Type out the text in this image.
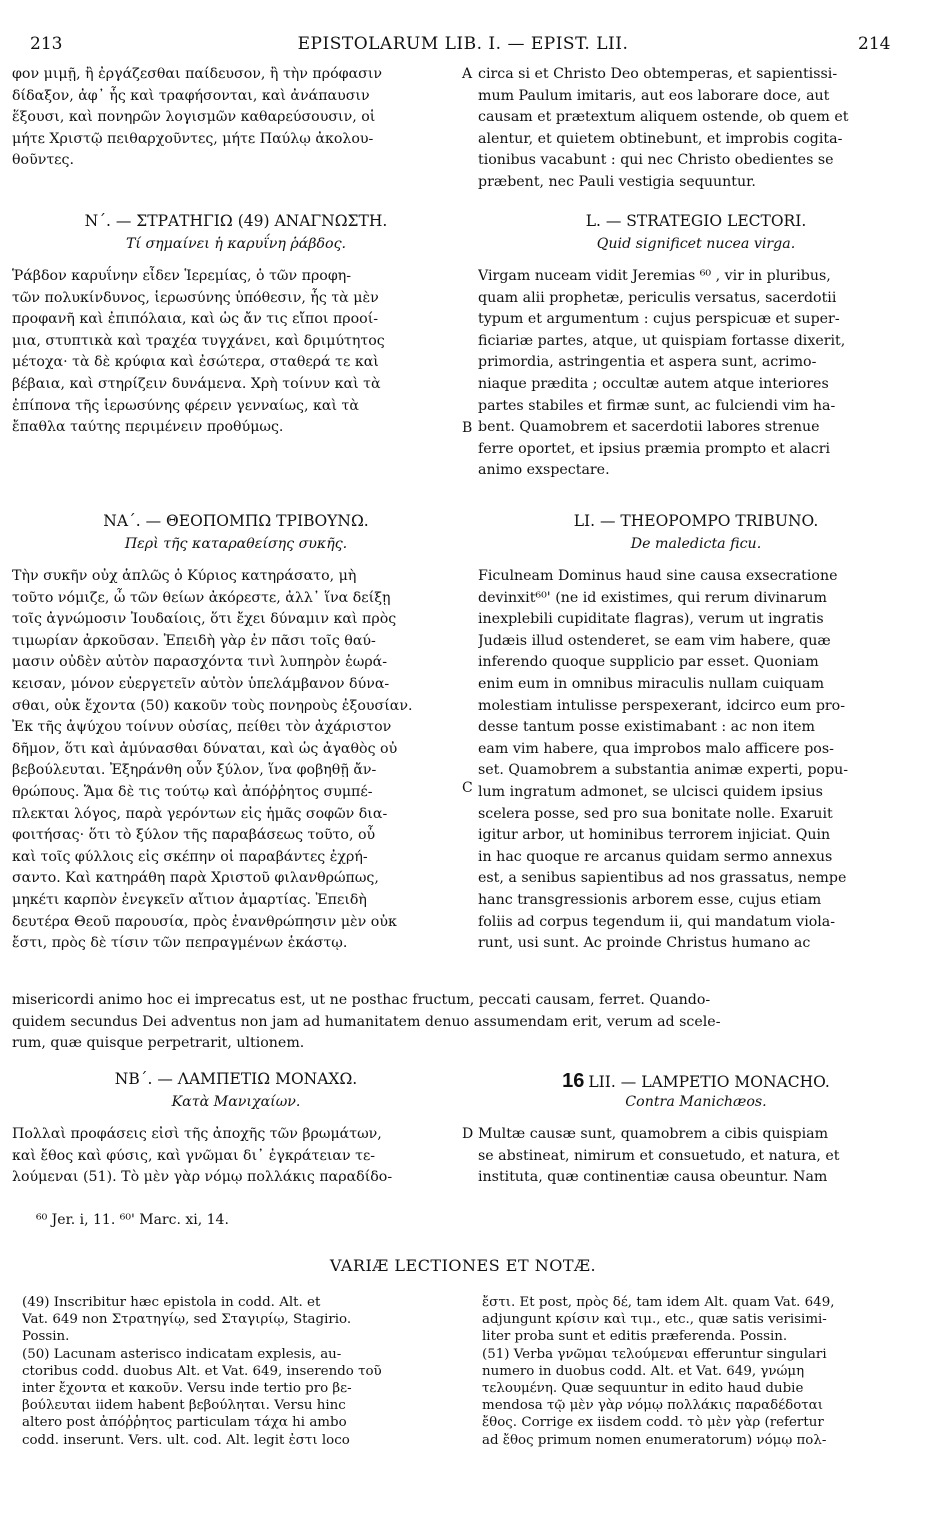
213	EPISTOLARUM LIB. I. — EPIST. LII.	214
A
B
C
D
φον μιμῇ, ἢ ἐργάζεσθαι παίδευσον, ἢ τὴν πρόφασιν
δίδαξον, ἀφ᾽ ἧς καὶ τραφήσονται, καὶ ἀνάπαυσιν
ἕξουσι, καὶ πονηρῶν λογισμῶν καθαρεύσουσιν, οἱ
μήτε Χριστῷ πειθαρχοῦντες, μήτε Παύλῳ ἀκολου-
θοῦντες.
circa si et Christo Deo obtemperas, et sapientissi-
mum Paulum imitaris, aut eos laborare doce, aut
causam et prætextum aliquem ostende, ob quem et
alentur, et quietem obtinebunt, et improbis cogita-
tionibus vacabunt : qui nec Christo obedientes se
præbent, nec Pauli vestigia sequuntur.
Ν΄. — ΣΤΡΑΤΗΓΙΩ (49) ΑΝΑΓΝΩΣΤΗ.
Τί σημαίνει ἡ καρυΐνη ῥάβδος.
L. — STRATEGIO LECTORI.
Quid significet nucea virga.
Ῥάβδον καρυΐνην εἶδεν Ἱερεμίας, ὁ τῶν προφη-
τῶν πολυκίνδυνος, ἱερωσύνης ὑπόθεσιν, ἧς τὰ μὲν
προφανῆ καὶ ἐπιπόλαια, καὶ ὡς ἄν τις εἴποι προοί-
μια, στυπτικὰ καὶ τραχέα τυγχάνει, καὶ δριμύτητος
μέτοχα· τὰ δὲ κρύφια καὶ ἐσώτερα, σταθερά τε καὶ
βέβαια, καὶ στηρίζειν δυνάμενα. Χρὴ τοίνυν καὶ τὰ
ἐπίπονα τῆς ἱερωσύνης φέρειν γενναίως, καὶ τὰ
ἔπαθλα ταύτης περιμένειν προθύμως.
Virgam nuceam vidit Jeremias ⁶⁰ , vir in pluribus,
quam alii prophetæ, periculis versatus, sacerdotii
typum et argumentum : cujus perspicuæ et super-
ficiariæ partes, atque, ut quispiam fortasse dixerit,
primordia, astringentia et aspera sunt, acrimo-
niaque prædita ; occultæ autem atque interiores
partes stabiles et firmæ sunt, ac fulciendi vim ha-
bent. Quamobrem et sacerdotii labores strenue
ferre oportet, et ipsius præmia prompto et alacri
animo exspectare.
ΝΑ΄. — ΘΕΟΠΟΜΠΩ ΤΡΙΒΟΥΝΩ.
Περὶ τῆς καταραθείσης συκῆς.
LI. — THEOPOMPO TRIBUNO.
De maledicta ficu.
Τὴν συκῆν οὐχ ἁπλῶς ὁ Κύριος κατηράσατο, μὴ
τοῦτο νόμιζε, ὦ τῶν θείων ἀκόρεστε, ἀλλ᾽ ἵνα δείξῃ
τοῖς ἀγνώμοσιν Ἰουδαίοις, ὅτι ἔχει δύναμιν καὶ πρὸς
τιμωρίαν ἀρκοῦσαν. Ἐπειδὴ γὰρ ἐν πᾶσι τοῖς θαύ-
μασιν οὐδὲν αὐτὸν παρασχόντα τινὶ λυπηρὸν ἑωρά-
κεισαν, μόνον εὐεργετεῖν αὐτὸν ὑπελάμβανον δύνα-
σθαι, οὐκ ἔχοντα (50) κακοῦν τοὺς πονηροὺς ἐξουσίαν.
Ἐκ τῆς ἀψύχου τοίνυν οὐσίας, πείθει τὸν ἀχάριστον
δῆμον, ὅτι καὶ ἀμύνασθαι δύναται, καὶ ὡς ἀγαθὸς οὐ
βεβούλευται. Ἐξηράνθη οὖν ξύλον, ἵνα φοβηθῇ ἄν-
θρώπους. Ἅμα δὲ τις τούτῳ καὶ ἀπόῤῥητος συμπέ-
πλεκται λόγος, παρὰ γερόντων εἰς ἡμᾶς σοφῶν δια-
φοιτήσας· ὅτι τὸ ξύλον τῆς παραβάσεως τοῦτο, οὗ
καὶ τοῖς φύλλοις εἰς σκέπην οἱ παραβάντες ἐχρή-
σαντο. Καὶ κατηράθη παρὰ Χριστοῦ φιλανθρώπως,
μηκέτι καρπὸν ἐνεγκεῖν αἴτιον ἁμαρτίας. Ἐπειδὴ
δευτέρα Θεοῦ παρουσία, πρὸς ἐνανθρώπησιν μὲν οὐκ
ἔστι, πρὸς δὲ τίσιν τῶν πεπραγμένων ἑκάστῳ.
Ficulneam Dominus haud sine causa exsecratione
devinxit⁶⁰' (ne id existimes, qui rerum divinarum
inexplebili cupiditate flagras), verum ut ingratis
Judæis illud ostenderet, se eam vim habere, quæ
inferendo quoque supplicio par esset. Quoniam
enim eum in omnibus miraculis nullam cuiquam
molestiam intulisse perspexerant, idcirco eum pro-
desse tantum posse existimabant : ac non item
eam vim habere, qua improbos malo afficere pos-
set. Quamobrem a substantia animæ experti, popu-
lum ingratum admonet, se ulcisci quidem ipsius
scelera posse, sed pro sua bonitate nolle. Exaruit
igitur arbor, ut hominibus terrorem injiciat. Quin
in hac quoque re arcanus quidam sermo annexus
est, a senibus sapientibus ad nos grassatus, nempe
hanc transgressionis arborem esse, cujus etiam
foliis ad corpus tegendum ii, qui mandatum viola-
runt, usi sunt. Ac proinde Christus humano ac
misericordi animo hoc ei imprecatus est, ut ne posthac fructum, peccati causam, ferret. Quando-
quidem secundus Dei adventus non jam ad humanitatem denuo assumendam erit, verum ad scele-
rum, quæ quisque perpetrarit, ultionem.
ΝΒ΄. — ΛΑΜΠΕΤΙΩ ΜΟΝΑΧΩ.
Κατὰ Μανιχαίων.
16 LII. — LAMPETIO MONACHO.
Contra Manichæos.
Πολλαὶ προφάσεις εἰσὶ τῆς ἀποχῆς τῶν βρωμάτων,
καὶ ἔθος καὶ φύσις, καὶ γνῶμαι δι᾽ ἐγκράτειαν τε-
λούμεναι (51). Τὸ μὲν γὰρ νόμῳ πολλάκις παραδίδο-
Multæ causæ sunt, quamobrem a cibis quispiam
se abstineat, nimirum et consuetudo, et natura, et
instituta, quæ continentiæ causa obeuntur. Nam
⁶⁰ Jer. i, 11. ⁶⁰' Marc. xi, 14.
VARIÆ LECTIONES ET NOTÆ.
(49) Inscribitur hæc epistola in codd. Alt. et
Vat. 649 non Στρατηγίῳ, sed Σταγιρίῳ, Stagirio.
Possin.
(50) Lacunam asterisco indicatam explesis, au-
ctoribus codd. duobus Alt. et Vat. 649, inserendo τοῦ
inter ἔχοντα et κακοῦν. Versu inde tertio pro βε-
βούλευται iidem habent βεβούληται. Versu hinc
altero post ἀπόῤῥητος particulam τάχα hi ambo
codd. inserunt. Vers. ult. cod. Alt. legit ἐστι loco
ἔστι. Et post, πρὸς δέ, tam idem Alt. quam Vat. 649,
adjungunt κρίσιν καὶ τιμ., etc., quæ satis verisimi-
liter proba sunt et editis præferenda. Possin.
(51) Verba γνῶμαι τελούμεναι efferuntur singulari
numero in duobus codd. Alt. et Vat. 649, γνώμη
τελουμένη. Quæ sequuntur in edito haud dubie
mendosa τῷ μὲν γὰρ νόμῳ πολλάκις παραδέδοται
ἔθος. Corrige ex iisdem codd. τὸ μὲν γὰρ (refertur
ad ἔθος primum nomen enumeratorum) νόμῳ πολ-
